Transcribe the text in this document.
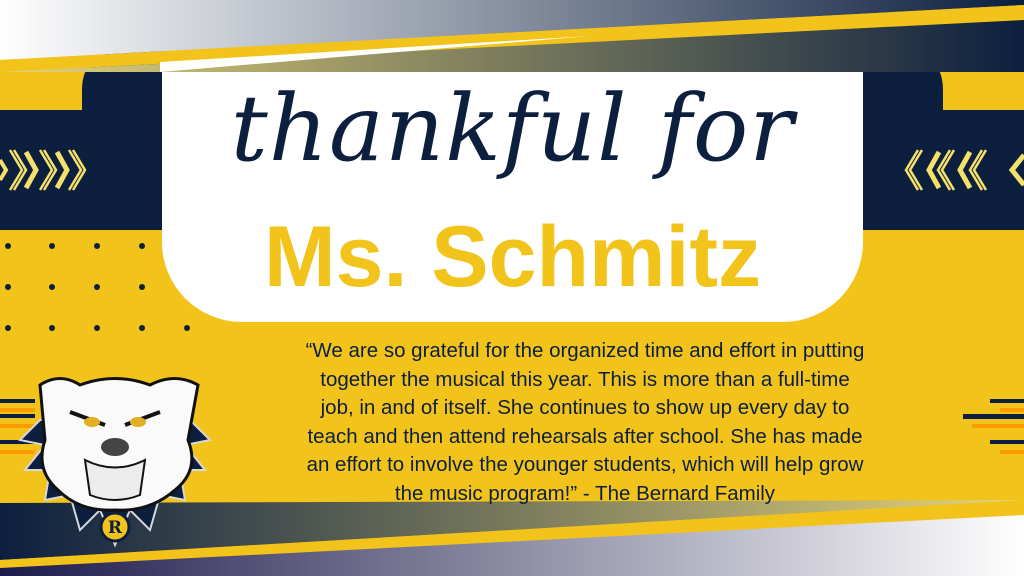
R
thankful for
Ms. Schmitz
“We are so grateful for the organized time and effort in putting
together the musical this year. This is more than a full-time
job, in and of itself. She continues to show up every day to
teach and then attend rehearsals after school. She has made
an effort to involve the younger students, which will help grow
the music program!” - The Bernard Family
